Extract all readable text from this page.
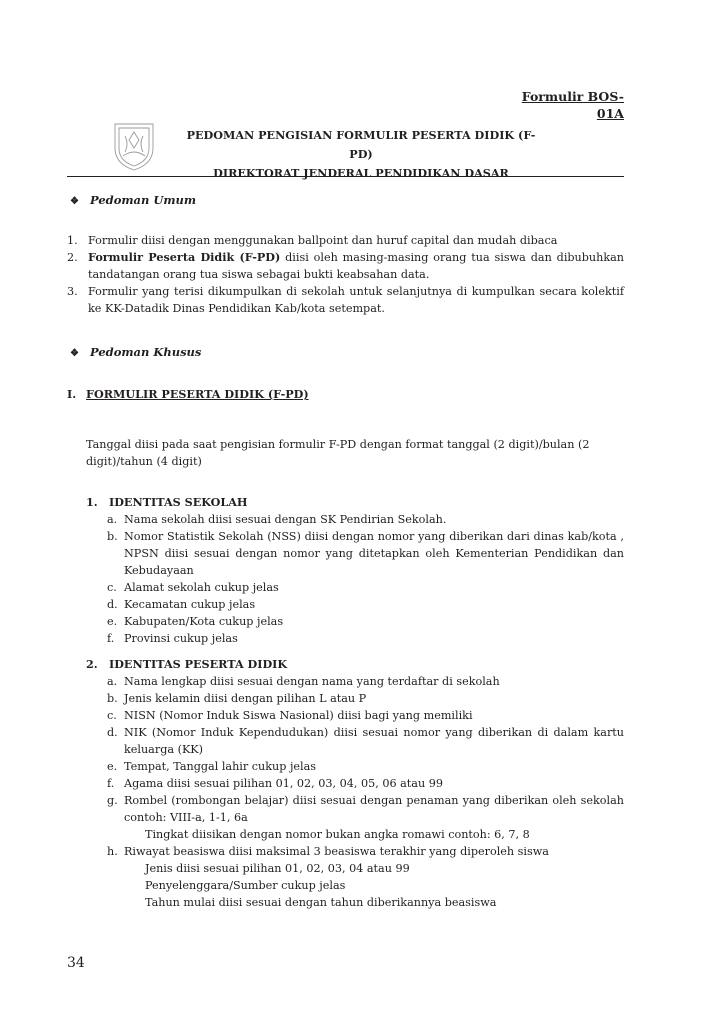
Formulir BOS-01A
PEDOMAN PENGISIAN FORMULIR PESERTA DIDIK (F-PD)
DIREKTORAT JENDERAL PENDIDIKAN DASAR
❖ Pedoman Umum
1. Formulir diisi dengan menggunakan ballpoint dan huruf capital dan mudah dibaca
2. Formulir Peserta Didik (F-PD) diisi oleh masing-masing orang tua siswa dan dibubuhkan tandatangan orang tua siswa sebagai bukti keabsahan data.
3. Formulir yang terisi dikumpulkan di sekolah untuk selanjutnya di kumpulkan secara kolektif ke KK-Datadik Dinas Pendidikan Kab/kota setempat.
❖ Pedoman Khusus
I. FORMULIR PESERTA DIDIK (F-PD)
Tanggal diisi pada saat pengisian formulir F-PD dengan format tanggal (2 digit)/bulan (2 digit)/tahun (4 digit)
1. IDENTITAS SEKOLAH
a. Nama sekolah diisi sesuai dengan SK Pendirian Sekolah.
b. Nomor Statistik Sekolah (NSS) diisi dengan nomor yang diberikan dari dinas kab/kota , NPSN diisi sesuai dengan nomor yang ditetapkan oleh Kementerian Pendidikan dan Kebudayaan
c. Alamat sekolah cukup jelas
d. Kecamatan cukup jelas
e. Kabupaten/Kota cukup jelas
f. Provinsi cukup jelas
2. IDENTITAS PESERTA DIDIK
a. Nama lengkap diisi sesuai dengan nama yang terdaftar di sekolah
b. Jenis kelamin diisi dengan pilihan L atau P
c. NISN (Nomor Induk Siswa Nasional) diisi bagi yang memiliki
d. NIK (Nomor Induk Kependudukan) diisi sesuai nomor yang diberikan di dalam kartu keluarga (KK)
e. Tempat, Tanggal lahir cukup jelas
f. Agama diisi sesuai pilihan 01, 02, 03, 04, 05, 06 atau 99
g. Rombel (rombongan belajar) diisi sesuai dengan penaman yang diberikan oleh sekolah contoh: VIII-a, 1-1, 6a
Tingkat diisikan dengan nomor bukan angka romawi contoh: 6, 7, 8
h. Riwayat beasiswa diisi maksimal 3 beasiswa terakhir yang diperoleh siswa
Jenis diisi sesuai pilihan 01, 02, 03, 04 atau 99
Penyelenggara/Sumber cukup jelas
Tahun mulai diisi sesuai dengan tahun diberikannya beasiswa
34
